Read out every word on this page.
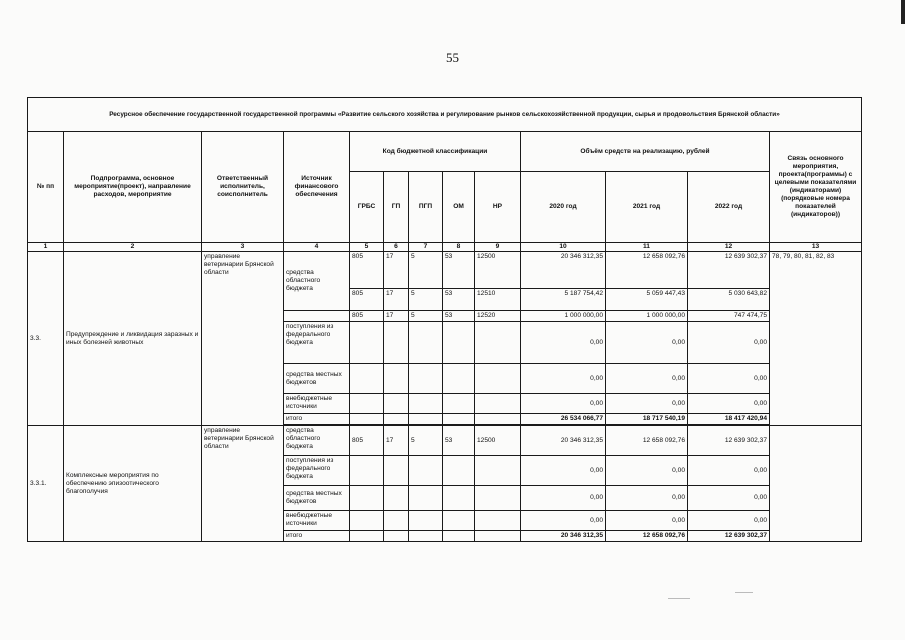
55
Ресурсное обеспечение государственной государственной программы «Развитие сельского хозяйства и регулирование рынков сельскохозяйственной продукции, сырья и продовольствия Брянской области»												
№ пп	Подпрограмма, основное мероприятие(проект), направление расходов, мероприятие	Ответственный исполнитель, соисполнитель	Источник финансового обеспечения	Код бюджетной классификации					Объём средств на реализацию, рублей			Связь основного мероприятия, проекта(программы) с целевыми показателями (индикаторами) (порядковые номера показателей (индикаторов))
				ГРБС	ГП	ПГП	ОМ	НР	2020 год	2021 год	2022 год	
1	2	3	4	5	6	7	8	9	10	11	12	13
3.3.	Предупреждение и ликвидация заразных и иных болезней животных	управление ветеринарии Брянской области	средства областного бюджета	805	17	5	53	12500	20 346 312,35	12 658 092,76	12 639 302,37	78, 79, 80, 81, 82, 83
				805	17	5	53	12510	5 187 754,42	5 059 447,43	5 030 643,82	
				805	17	5	53	12520	1 000 000,00	1 000 000,00	747 474,75	
			поступления из федерального бюджета						0,00	0,00	0,00	
			средства местных бюджетов						0,00	0,00	0,00	
			внебюджетные источники						0,00	0,00	0,00	
			итого						26 534 066,77	18 717 540,19	18 417 420,94	

3.3.1.	Комплексные мероприятия по обеспечению эпизоотического благополучия	управление ветеринарии Брянской области	средства областного бюджета	805	17	5	53	12500	20 346 312,35	12 658 092,76	12 639 302,37	
			поступления из федерального бюджета						0,00	0,00	0,00	
			средства местных бюджетов						0,00	0,00	0,00	
			внебюджетные источники						0,00	0,00	0,00	
			итого						20 346 312,35	12 658 092,76	12 639 302,37	
